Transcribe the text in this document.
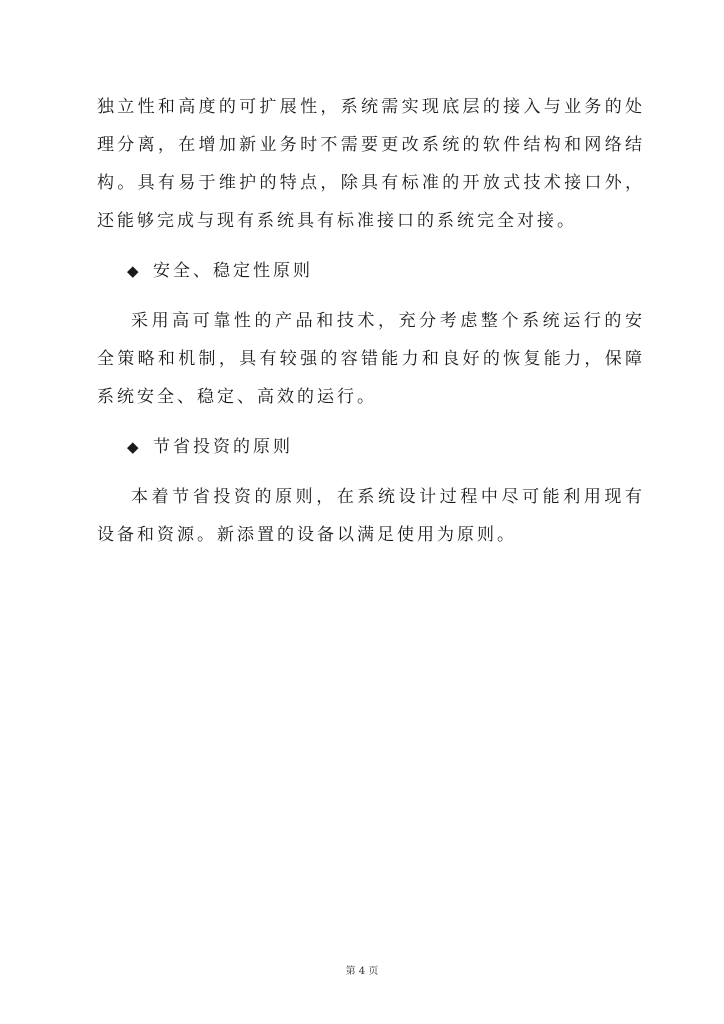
独立性和高度的可扩展性，系统需实现底层的接入与业务的处理分离，在增加新业务时不需要更改系统的软件结构和网络结构。具有易于维护的特点，除具有标准的开放式技术接口外，还能够完成与现有系统具有标准接口的系统完全对接。

◆ 安全、稳定性原则

采用高可靠性的产品和技术，充分考虑整个系统运行的安全策略和机制，具有较强的容错能力和良好的恢复能力，保障系统安全、稳定、高效的运行。

◆ 节省投资的原则

本着节省投资的原则，在系统设计过程中尽可能利用现有设备和资源。新添置的设备以满足使用为原则。

第 4 页
